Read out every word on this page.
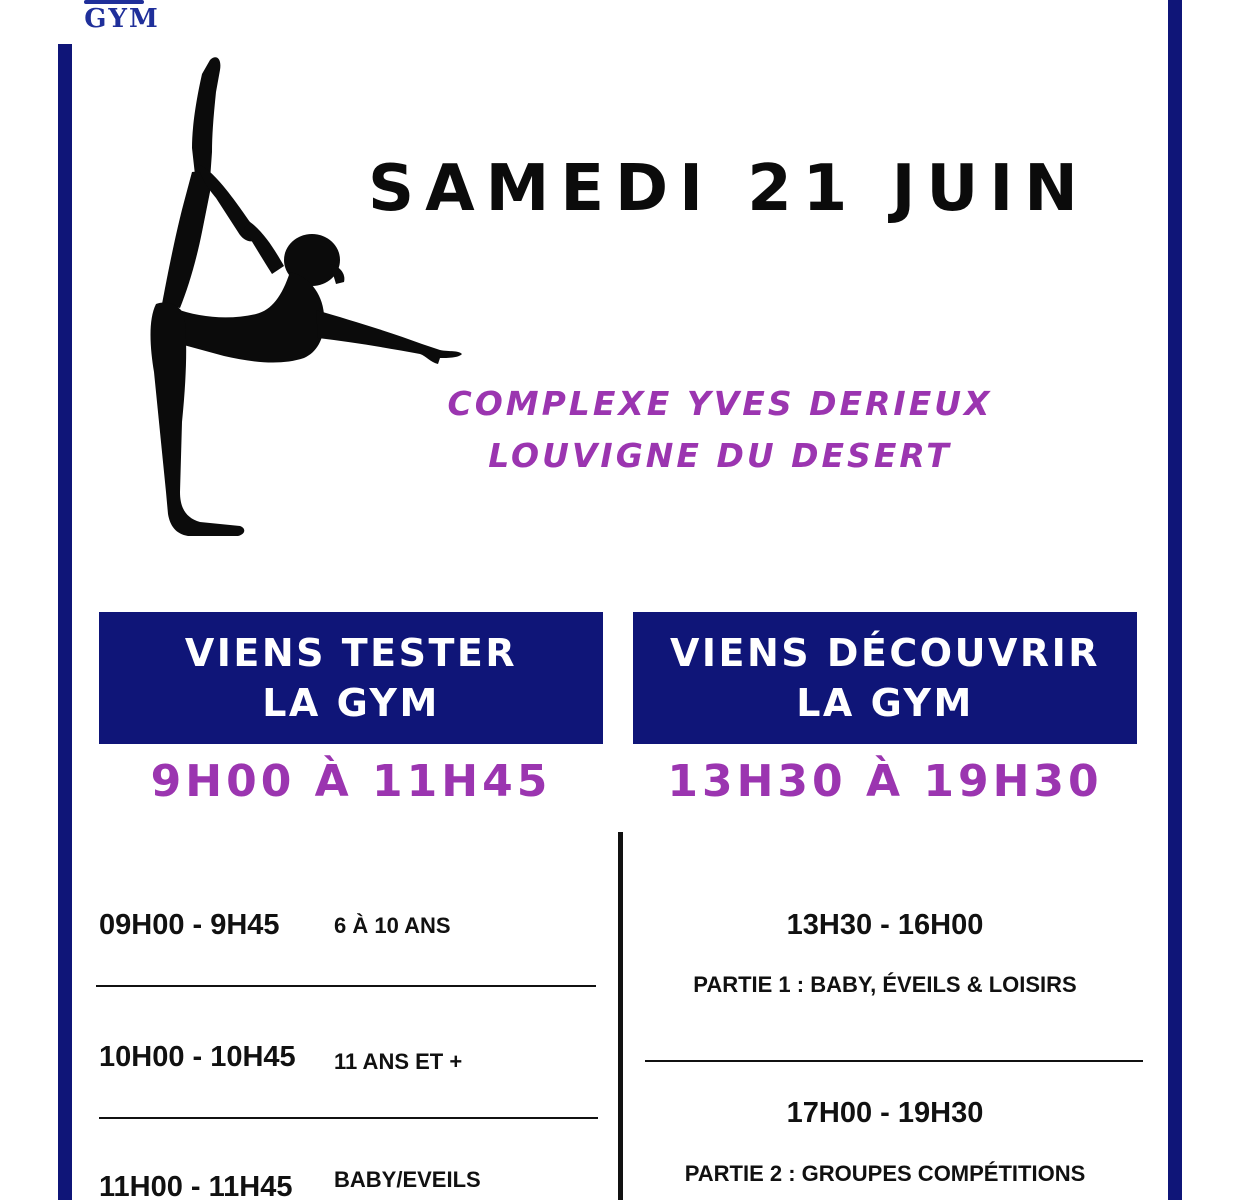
GYM
SAMEDI 21 JUIN
COMPLEXE YVES DERIEUX
LOUVIGNE DU DESERT
VIENS TESTER
LA GYM
VIENS DÉCOUVRIR
LA GYM
9H00 À 11H45	13H30 À 19H30
09H00 - 9H45 6 À 10 ANS
10H00 - 10H45 11 ANS ET +
11H00 - 11H45 BABY/EVEILS
13H30 - 16H00
PARTIE 1 : BABY, ÉVEILS & LOISIRS
17H00 - 19H30
PARTIE 2 : GROUPES COMPÉTITIONS
